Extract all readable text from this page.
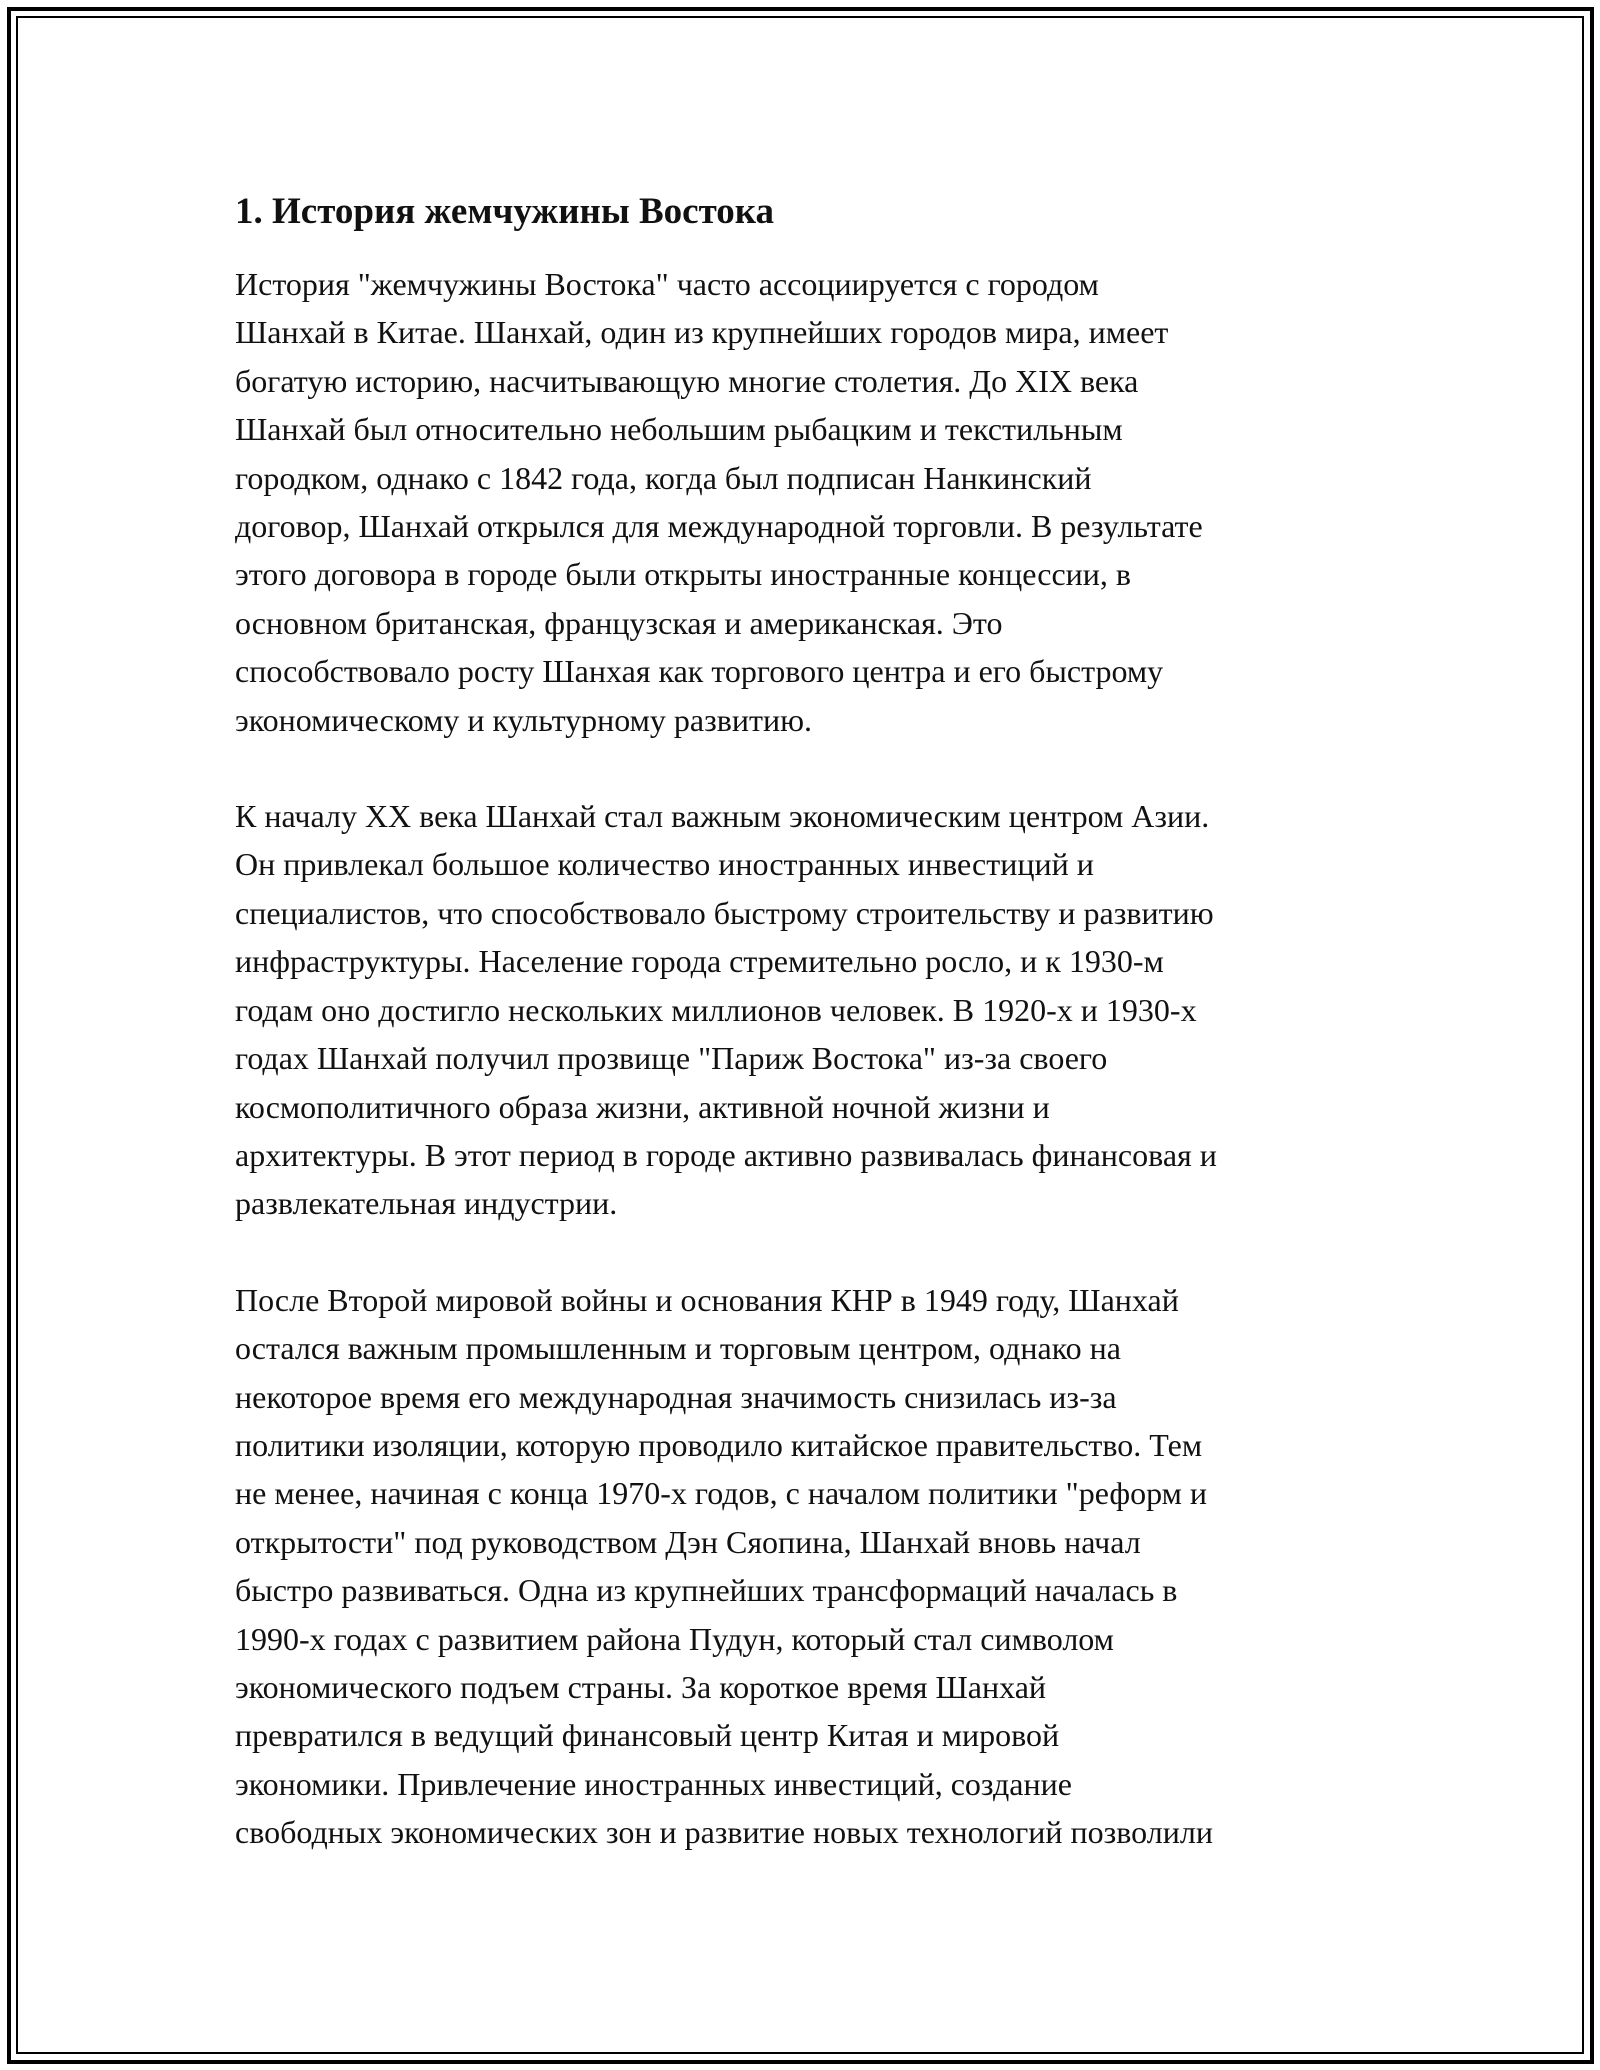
1. История жемчужины Востока

История "жемчужины Востока" часто ассоциируется с городом
Шанхай в Китае. Шанхай, один из крупнейших городов мира, имеет
богатую историю, насчитывающую многие столетия. До XIX века
Шанхай был относительно небольшим рыбацким и текстильным
городком, однако с 1842 года, когда был подписан Нанкинский
договор, Шанхай открылся для международной торговли. В результате
этого договора в городе были открыты иностранные концессии, в
основном британская, французская и американская. Это
способствовало росту Шанхая как торгового центра и его быстрому
экономическому и культурному развитию.

К началу XX века Шанхай стал важным экономическим центром Азии.
Он привлекал большое количество иностранных инвестиций и
специалистов, что способствовало быстрому строительству и развитию
инфраструктуры. Население города стремительно росло, и к 1930-м
годам оно достигло нескольких миллионов человек. В 1920-х и 1930-х
годах Шанхай получил прозвище "Париж Востока" из-за своего
космополитичного образа жизни, активной ночной жизни и
архитектуры. В этот период в городе активно развивалась финансовая и
развлекательная индустрии.

После Второй мировой войны и основания КНР в 1949 году, Шанхай
остался важным промышленным и торговым центром, однако на
некоторое время его международная значимость снизилась из-за
политики изоляции, которую проводило китайское правительство. Тем
не менее, начиная с конца 1970-х годов, с началом политики "реформ и
открытости" под руководством Дэн Сяопина, Шанхай вновь начал
быстро развиваться. Одна из крупнейших трансформаций началась в
1990-х годах с развитием района Пудун, который стал символом
экономического подъем страны. За короткое время Шанхай
превратился в ведущий финансовый центр Китая и мировой
экономики. Привлечение иностранных инвестиций, создание
свободных экономических зон и развитие новых технологий позволили
